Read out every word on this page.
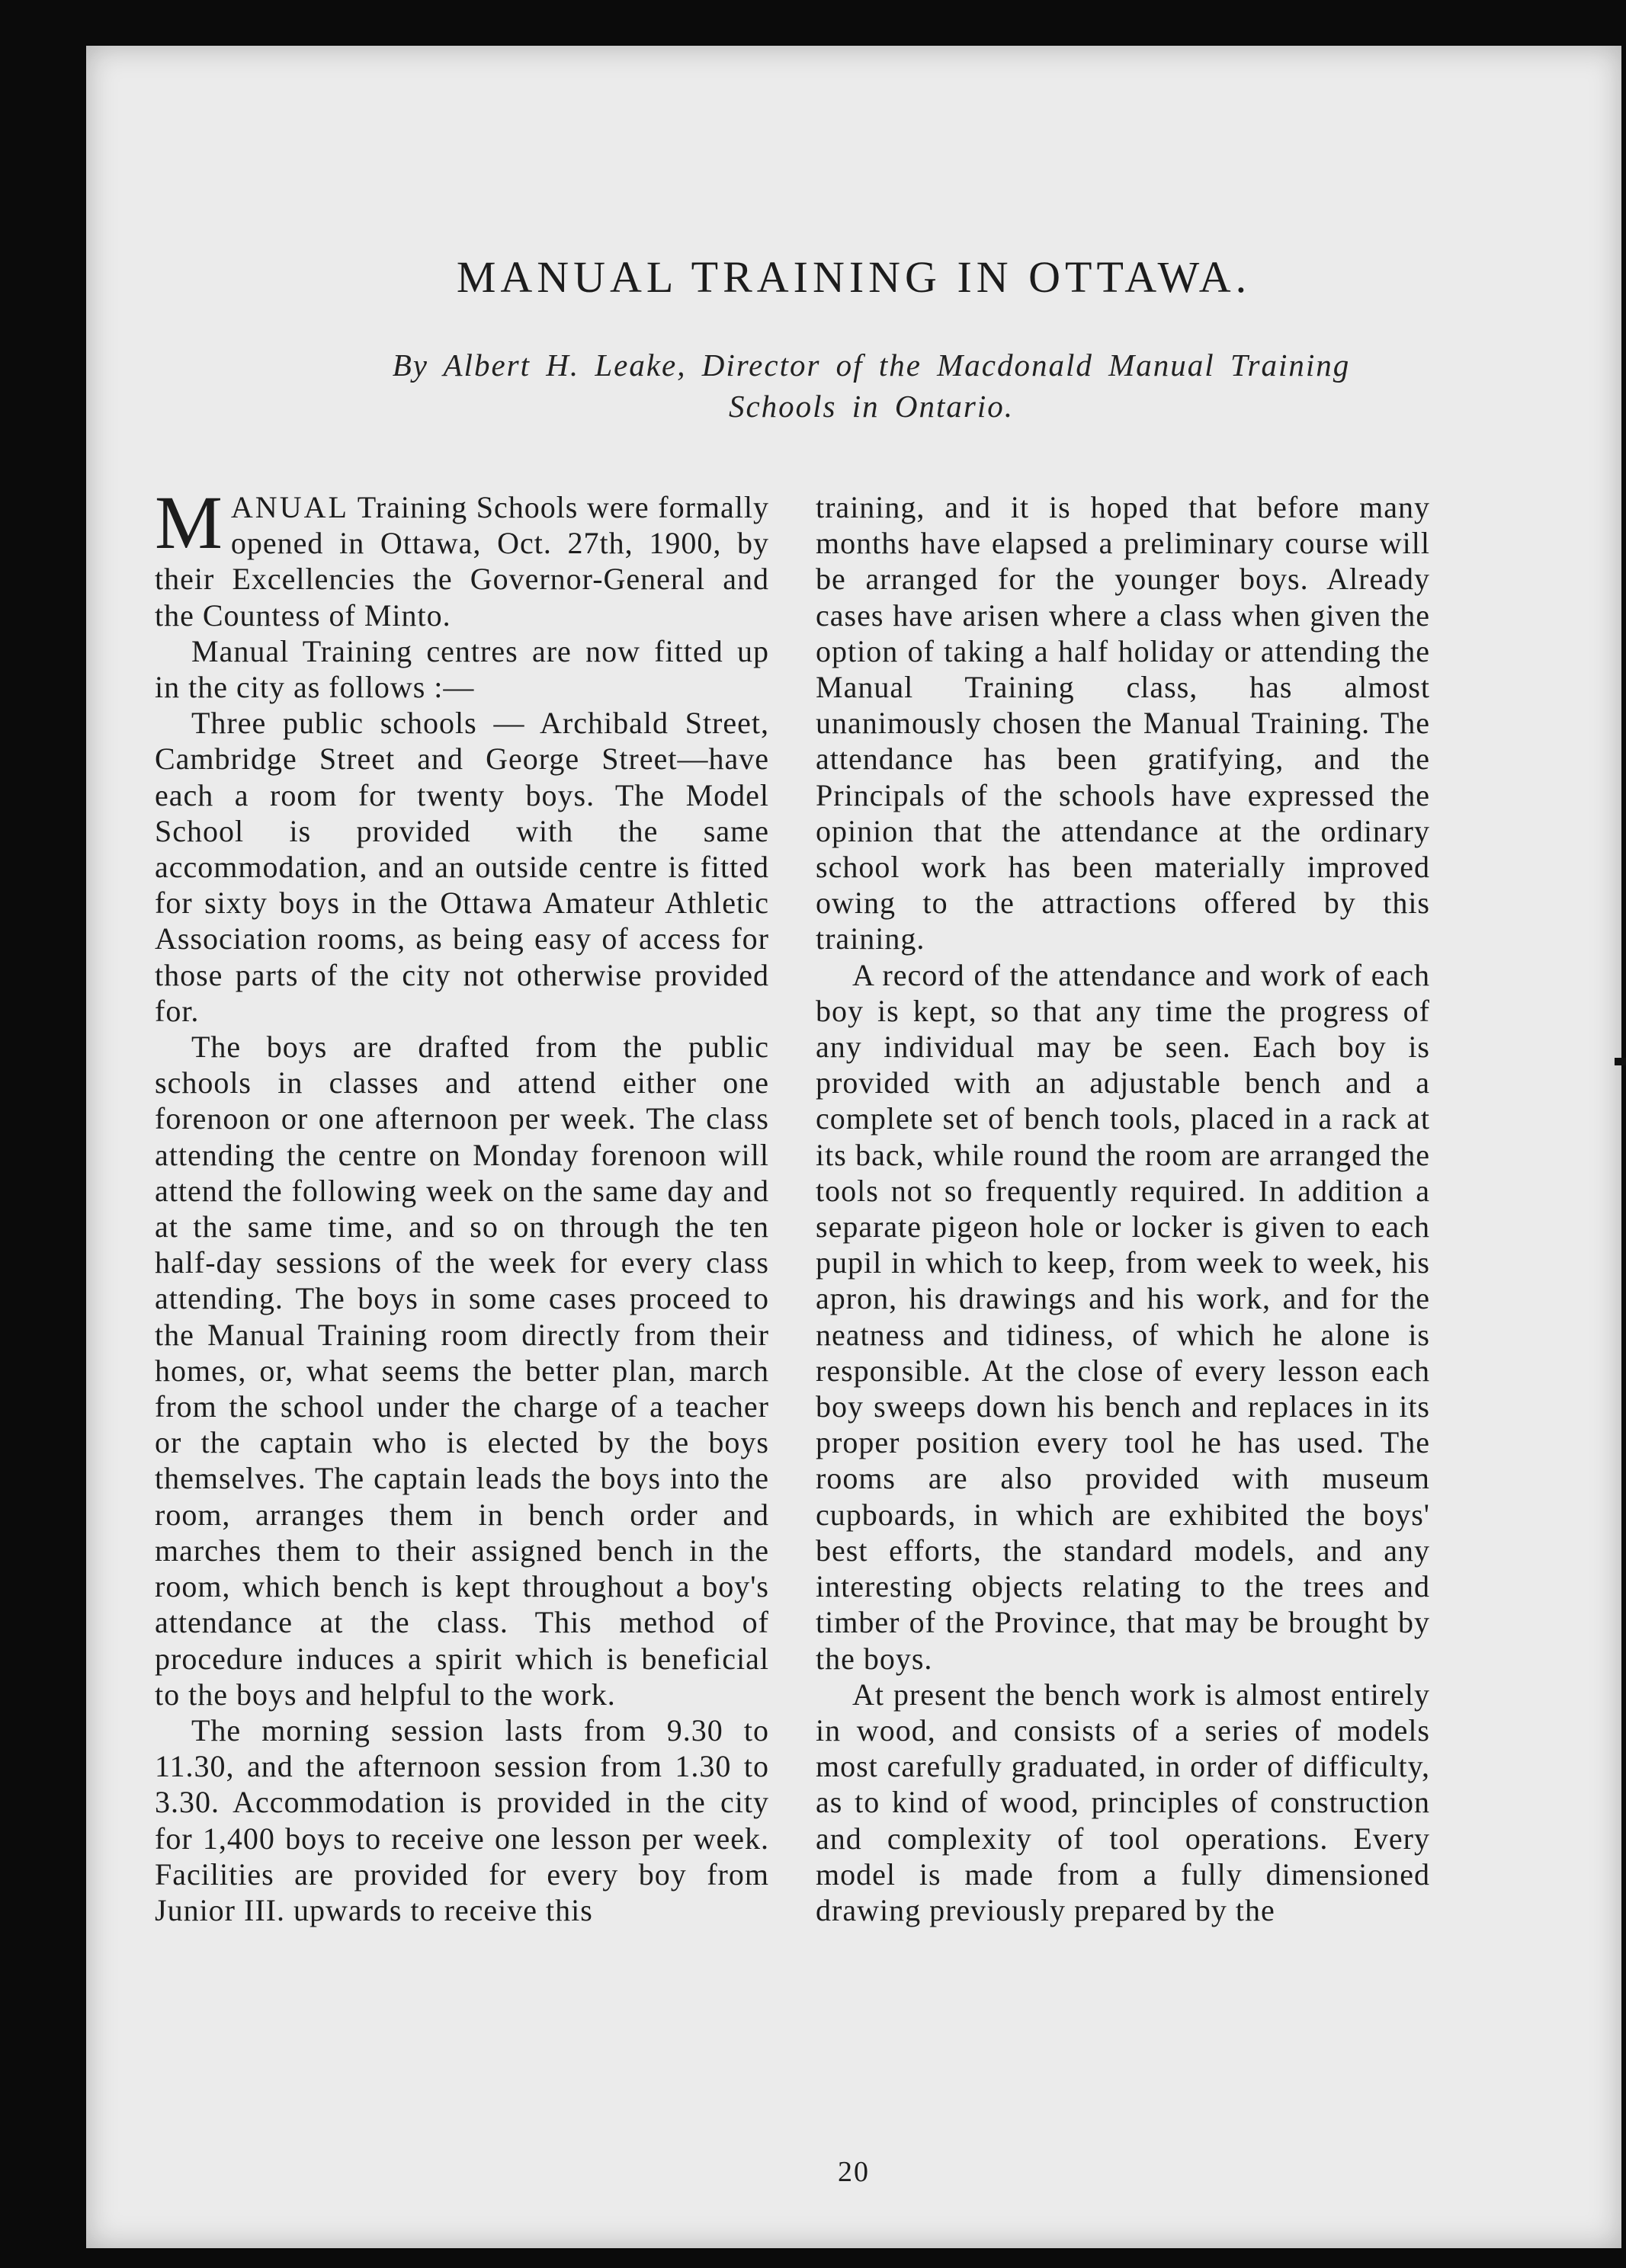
MANUAL TRAINING IN OTTAWA.
By Albert H. Leake, Director of the Macdonald Manual Training
Schools in Ontario.

MANUAL Training Schools were formally opened in Ottawa, Oct. 27th, 1900, by their Excellencies the Governor-General and the Countess of Minto.

Manual Training centres are now fitted up in the city as follows :—

Three public schools — Archibald Street, Cambridge Street and George Street—have each a room for twenty boys. The Model School is provided with the same accommodation, and an outside centre is fitted for sixty boys in the Ottawa Amateur Athletic Association rooms, as being easy of access for those parts of the city not otherwise provided for.

The boys are drafted from the public schools in classes and attend either one forenoon or one afternoon per week. The class attending the centre on Monday forenoon will attend the following week on the same day and at the same time, and so on through the ten half-day sessions of the week for every class attending. The boys in some cases proceed to the Manual Training room directly from their homes, or, what seems the better plan, march from the school under the charge of a teacher or the captain who is elected by the boys themselves. The captain leads the boys into the room, arranges them in bench order and marches them to their assigned bench in the room, which bench is kept throughout a boy's attendance at the class. This method of procedure induces a spirit which is beneficial to the boys and helpful to the work.

The morning session lasts from 9.30 to 11.30, and the afternoon session from 1.30 to 3.30. Accommodation is provided in the city for 1,400 boys to receive one lesson per week. Facilities are provided for every boy from Junior III. upwards to receive this

training, and it is hoped that before many months have elapsed a preliminary course will be arranged for the younger boys. Already cases have arisen where a class when given the option of taking a half holiday or attending the Manual Training class, has almost unanimously chosen the Manual Training. The attendance has been gratifying, and the Principals of the schools have expressed the opinion that the attendance at the ordinary school work has been materially improved owing to the attractions offered by this training.

A record of the attendance and work of each boy is kept, so that any time the progress of any individual may be seen. Each boy is provided with an adjustable bench and a complete set of bench tools, placed in a rack at its back, while round the room are arranged the tools not so frequently required. In addition a separate pigeon hole or locker is given to each pupil in which to keep, from week to week, his apron, his drawings and his work, and for the neatness and tidiness, of which he alone is responsible. At the close of every lesson each boy sweeps down his bench and replaces in its proper position every tool he has used. The rooms are also provided with museum cupboards, in which are exhibited the boys' best efforts, the standard models, and any interesting objects relating to the trees and timber of the Province, that may be brought by the boys.

At present the bench work is almost entirely in wood, and consists of a series of models most carefully graduated, in order of difficulty, as to kind of wood, principles of construction and complexity of tool operations. Every model is made from a fully dimensioned drawing previously prepared by the

20
